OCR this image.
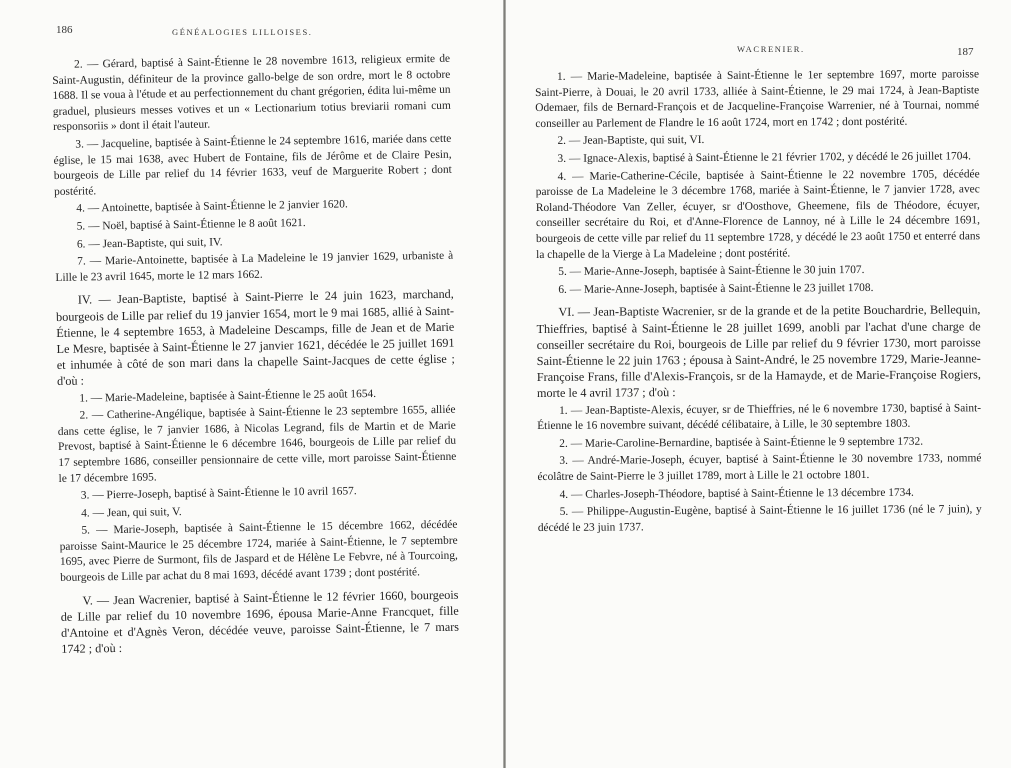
186	GÉNÉALOGIES LILLOISES.

2. — Gérard, baptisé à Saint-Étienne le 28 novembre 1613, religieux ermite de Saint-Augustin, définiteur de la province gallo-belge de son ordre, mort le 8 octobre 1688. Il se voua à l'étude et au perfectionnement du chant grégorien, édita lui-même un graduel, plusieurs messes votives et un « Lectionarium totius breviarii romani cum responsoriis » dont il était l'auteur.

3. — Jacqueline, baptisée à Saint-Étienne le 24 septembre 1616, mariée dans cette église, le 15 mai 1638, avec Hubert de Fontaine, fils de Jérôme et de Claire Pesin, bourgeois de Lille par relief du 14 février 1633, veuf de Marguerite Robert ; dont postérité.

4. — Antoinette, baptisée à Saint-Étienne le 2 janvier 1620.

5. — Noël, baptisé à Saint-Étienne le 8 août 1621.

6. — Jean-Baptiste, qui suit, IV.

7. — Marie-Antoinette, baptisée à La Madeleine le 19 janvier 1629, urbaniste à Lille le 23 avril 1645, morte le 12 mars 1662.

IV. — Jean-Baptiste, baptisé à Saint-Pierre le 24 juin 1623, marchand, bourgeois de Lille par relief du 19 janvier 1654, mort le 9 mai 1685, allié à Saint-Étienne, le 4 septembre 1653, à Madeleine Descamps, fille de Jean et de Marie Le Mesre, baptisée à Saint-Étienne le 27 janvier 1621, décédée le 25 juillet 1691 et inhumée à côté de son mari dans la chapelle Saint-Jacques de cette église ; d'où :

1. — Marie-Madeleine, baptisée à Saint-Étienne le 25 août 1654.

2. — Catherine-Angélique, baptisée à Saint-Étienne le 23 septembre 1655, alliée dans cette église, le 7 janvier 1686, à Nicolas Legrand, fils de Martin et de Marie Prevost, baptisé à Saint-Étienne le 6 décembre 1646, bourgeois de Lille par relief du 17 septembre 1686, conseiller pensionnaire de cette ville, mort paroisse Saint-Étienne le 17 décembre 1695.

3. — Pierre-Joseph, baptisé à Saint-Étienne le 10 avril 1657.

4. — Jean, qui suit, V.

5. — Marie-Joseph, baptisée à Saint-Étienne le 15 décembre 1662, décédée paroisse Saint-Maurice le 25 décembre 1724, mariée à Saint-Étienne, le 7 septembre 1695, avec Pierre de Surmont, fils de Jaspard et de Hélène Le Febvre, né à Tourcoing, bourgeois de Lille par achat du 8 mai 1693, décédé avant 1739 ; dont postérité.

V. — Jean Wacrenier, baptisé à Saint-Étienne le 12 février 1660, bourgeois de Lille par relief du 10 novembre 1696, épousa Marie-Anne Francquet, fille d'Antoine et d'Agnès Veron, décédée veuve, paroisse Saint-Étienne, le 7 mars 1742 ; d'où :

WACRENIER.	187

1. — Marie-Madeleine, baptisée à Saint-Étienne le 1er septembre 1697, morte paroisse Saint-Pierre, à Douai, le 20 avril 1733, alliée à Saint-Étienne, le 29 mai 1724, à Jean-Baptiste Odemaer, fils de Bernard-François et de Jacqueline-Françoise Warrenier, né à Tournai, nommé conseiller au Parlement de Flandre le 16 août 1724, mort en 1742 ; dont postérité.

2. — Jean-Baptiste, qui suit, VI.

3. — Ignace-Alexis, baptisé à Saint-Étienne le 21 février 1702, y décédé le 26 juillet 1704.

4. — Marie-Catherine-Cécile, baptisée à Saint-Étienne le 22 novembre 1705, décédée paroisse de La Madeleine le 3 décembre 1768, mariée à Saint-Étienne, le 7 janvier 1728, avec Roland-Théodore Van Zeller, écuyer, sr d'Oosthove, Gheemene, fils de Théodore, écuyer, conseiller secrétaire du Roi, et d'Anne-Florence de Lannoy, né à Lille le 24 décembre 1691, bourgeois de cette ville par relief du 11 septembre 1728, y décédé le 23 août 1750 et enterré dans la chapelle de la Vierge à La Madeleine ; dont postérité.

5. — Marie-Anne-Joseph, baptisée à Saint-Étienne le 30 juin 1707.

6. — Marie-Anne-Joseph, baptisée à Saint-Étienne le 23 juillet 1708.

VI. — Jean-Baptiste Wacrenier, sr de la grande et de la petite Bouchardrie, Bellequin, Thieffries, baptisé à Saint-Étienne le 28 juillet 1699, anobli par l'achat d'une charge de conseiller secrétaire du Roi, bourgeois de Lille par relief du 9 février 1730, mort paroisse Saint-Étienne le 22 juin 1763 ; épousa à Saint-André, le 25 novembre 1729, Marie-Jeanne-Françoise Frans, fille d'Alexis-François, sr de la Hamayde, et de Marie-Françoise Rogiers, morte le 4 avril 1737 ; d'où :

1. — Jean-Baptiste-Alexis, écuyer, sr de Thieffries, né le 6 novembre 1730, baptisé à Saint-Étienne le 16 novembre suivant, décédé célibataire, à Lille, le 30 septembre 1803.

2. — Marie-Caroline-Bernardine, baptisée à Saint-Étienne le 9 septembre 1732.

3. — André-Marie-Joseph, écuyer, baptisé à Saint-Étienne le 30 novembre 1733, nommé écolâtre de Saint-Pierre le 3 juillet 1789, mort à Lille le 21 octobre 1801.

4. — Charles-Joseph-Théodore, baptisé à Saint-Étienne le 13 décembre 1734.

5. — Philippe-Augustin-Eugène, baptisé à Saint-Étienne le 16 juillet 1736 (né le 7 juin), y décédé le 23 juin 1737.
